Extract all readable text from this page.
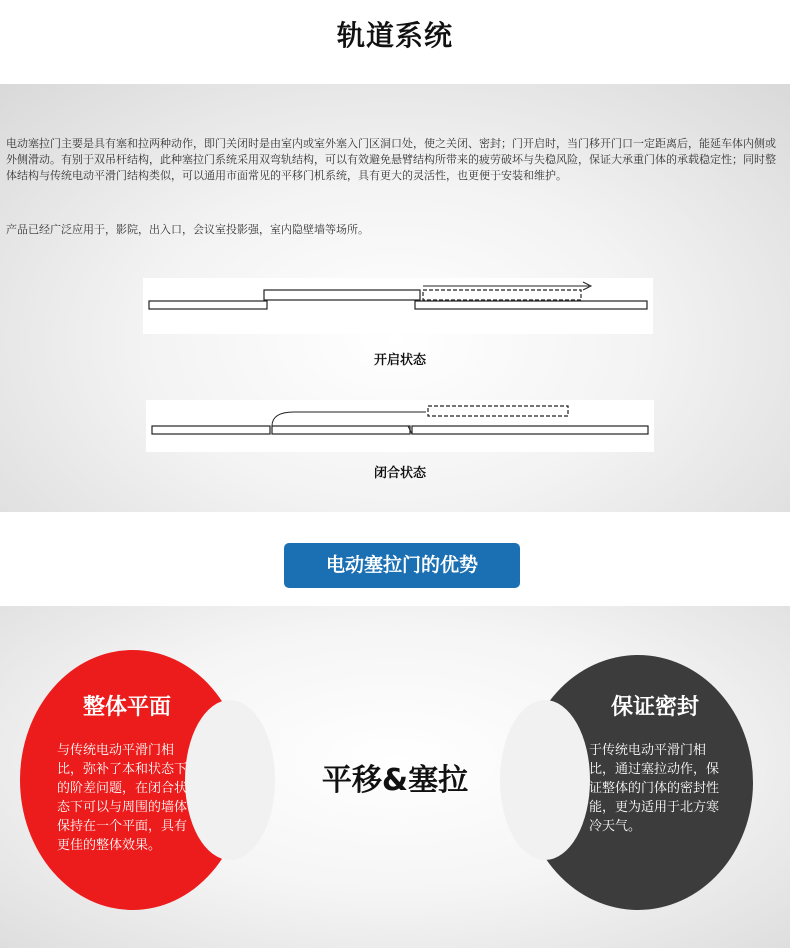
轨道系统
电动塞拉门主要是具有塞和拉两种动作，即门关闭时是由室内或室外塞入门区洞口处，使之关闭、密封；门开启时，当门移开门口一定距离后，能延车体内侧或外侧滑动。有别于双吊杆结构，此种塞拉门系统采用双弯轨结构，可以有效避免悬臂结构所带来的疲劳破坏与失稳风险，保证大承重门体的承载稳定性；同时整体结构与传统电动平滑门结构类似，可以通用市面常见的平移门机系统，具有更大的灵活性，也更便于安装和维护。
产品已经广泛应用于，影院，出入口，会议室投影强，室内隐壁墙等场所。
开启状态
闭合状态
电动塞拉门的优势
整体平面
与传统电动平滑门相比，弥补了本和状态下的阶差问题，在闭合状态下可以与周围的墙体保持在一个平面，具有更佳的整体效果。
平移&塞拉
保证密封
于传统电动平滑门相比，通过塞拉动作，保证整体的门体的密封性能，更为适用于北方寒冷天气。
